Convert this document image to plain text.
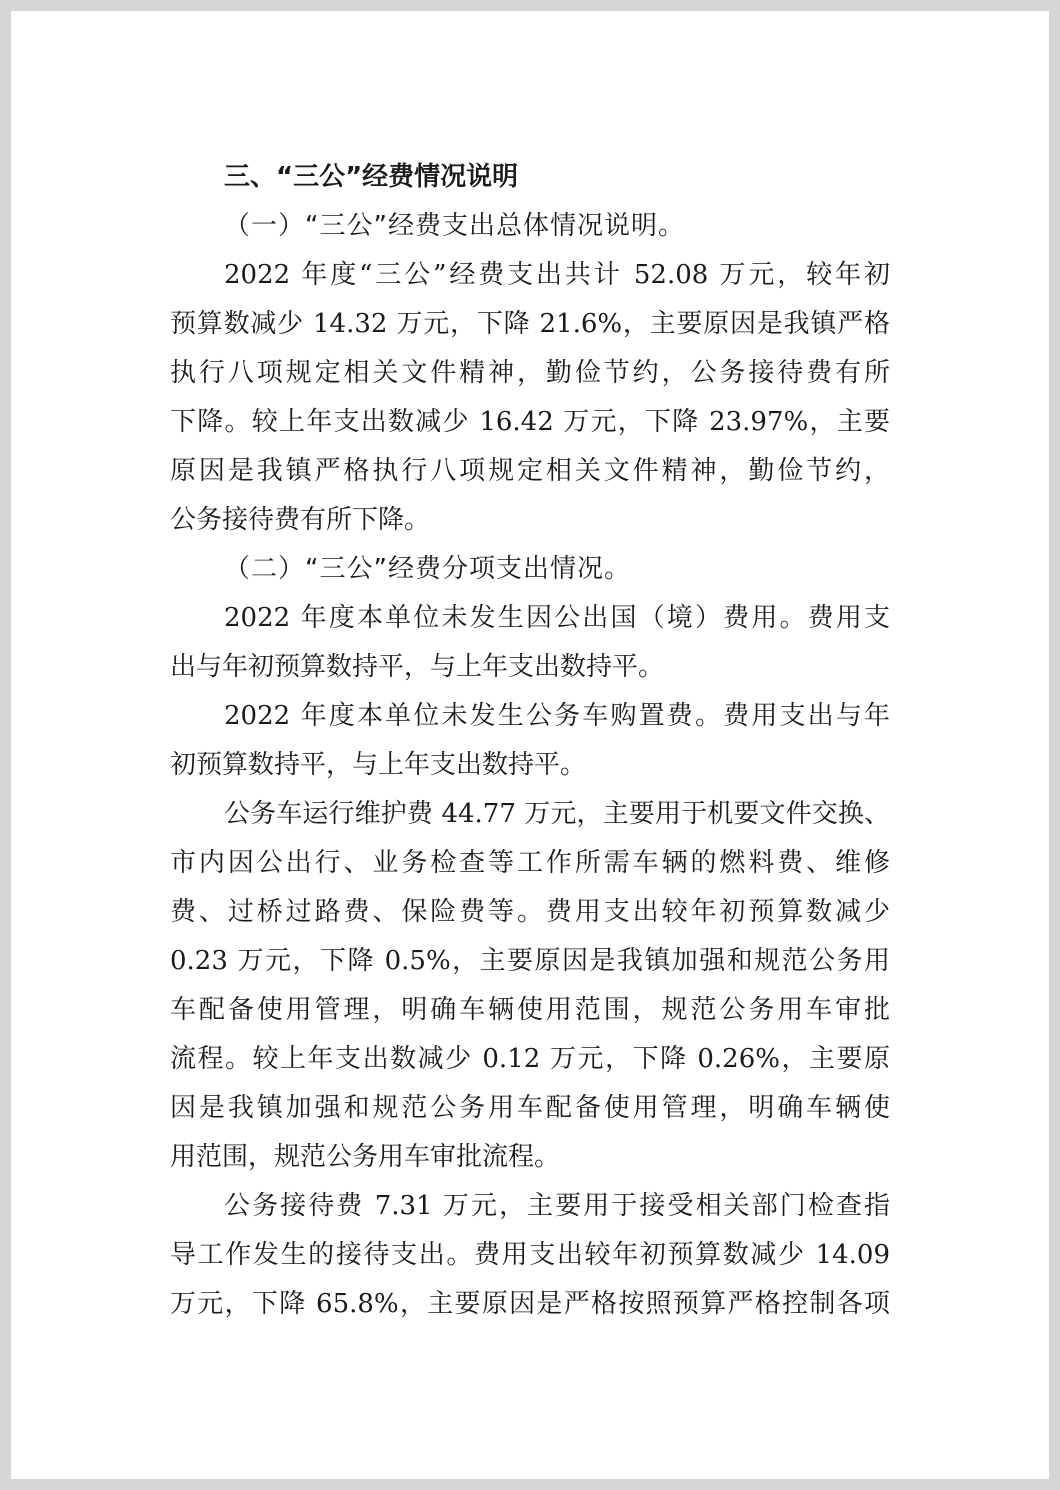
三、“三公”经费情况说明
（一）“三公”经费支出总体情况说明。
2022 年度“三公”经费支出共计 52.08 万元，较年初
预算数减少 14.32 万元，下降 21.6%，主要原因是我镇严格
执行八项规定相关文件精神，勤俭节约，公务接待费有所
下降。较上年支出数减少 16.42 万元，下降 23.97%，主要
原因是我镇严格执行八项规定相关文件精神，勤俭节约，
公务接待费有所下降。
（二）“三公”经费分项支出情况。
2022 年度本单位未发生因公出国（境）费用。费用支
出与年初预算数持平，与上年支出数持平。
2022 年度本单位未发生公务车购置费。费用支出与年
初预算数持平，与上年支出数持平。
公务车运行维护费 44.77 万元，主要用于机要文件交换、
市内因公出行、业务检查等工作所需车辆的燃料费、维修
费、过桥过路费、保险费等。费用支出较年初预算数减少
0.23 万元，下降 0.5%，主要原因是我镇加强和规范公务用
车配备使用管理，明确车辆使用范围，规范公务用车审批
流程。较上年支出数减少 0.12 万元，下降 0.26%，主要原
因是我镇加强和规范公务用车配备使用管理，明确车辆使
用范围，规范公务用车审批流程。
公务接待费 7.31 万元，主要用于接受相关部门检查指
导工作发生的接待支出。费用支出较年初预算数减少 14.09
万元，下降 65.8%，主要原因是严格按照预算严格控制各项
